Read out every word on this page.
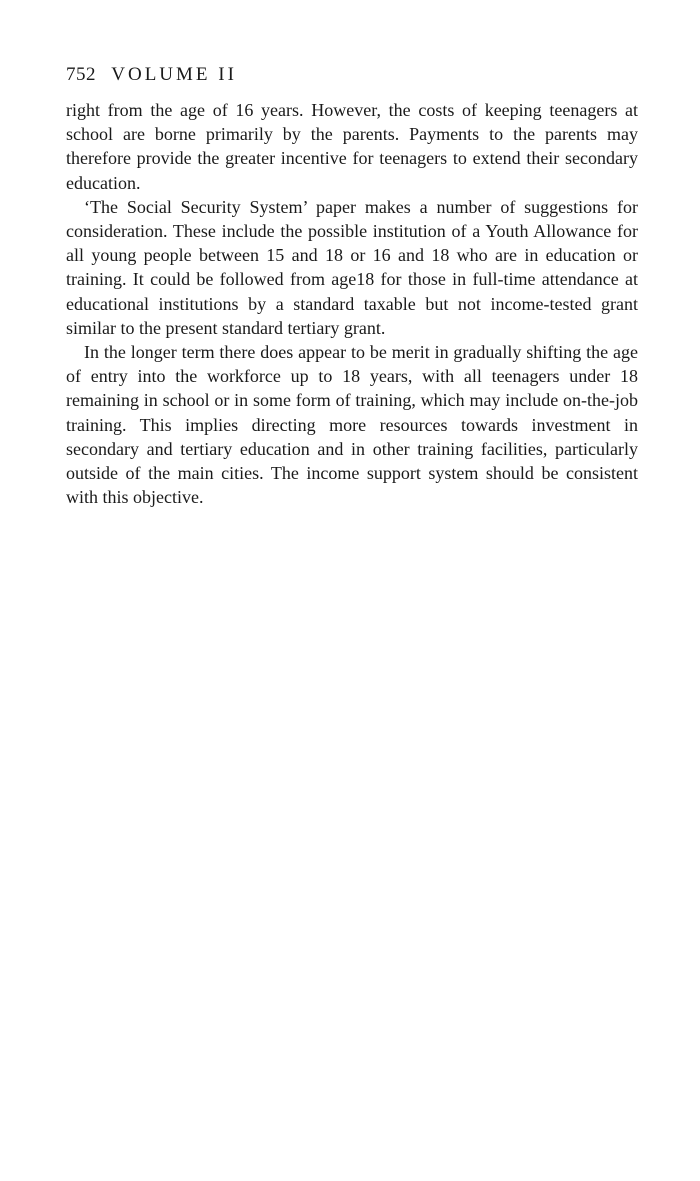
752 VOLUME II

right from the age of 16 years. However, the costs of keeping teenagers at school are borne primarily by the parents. Payments to the parents may therefore provide the greater incentive for teenagers to extend their secondary education.

‘The Social Security System’ paper makes a number of suggestions for consideration. These include the possible institution of a Youth Allowance for all young people between 15 and 18 or 16 and 18 who are in education or training. It could be followed from age18 for those in full-time attendance at educational institutions by a standard taxable but not income-tested grant similar to the present standard tertiary grant.

In the longer term there does appear to be merit in gradually shifting the age of entry into the workforce up to 18 years, with all teenagers under 18 remaining in school or in some form of training, which may include on-the-job training. This implies directing more resources towards investment in secondary and tertiary education and in other training facilities, particularly outside of the main cities. The income support system should be consistent with this objective.
